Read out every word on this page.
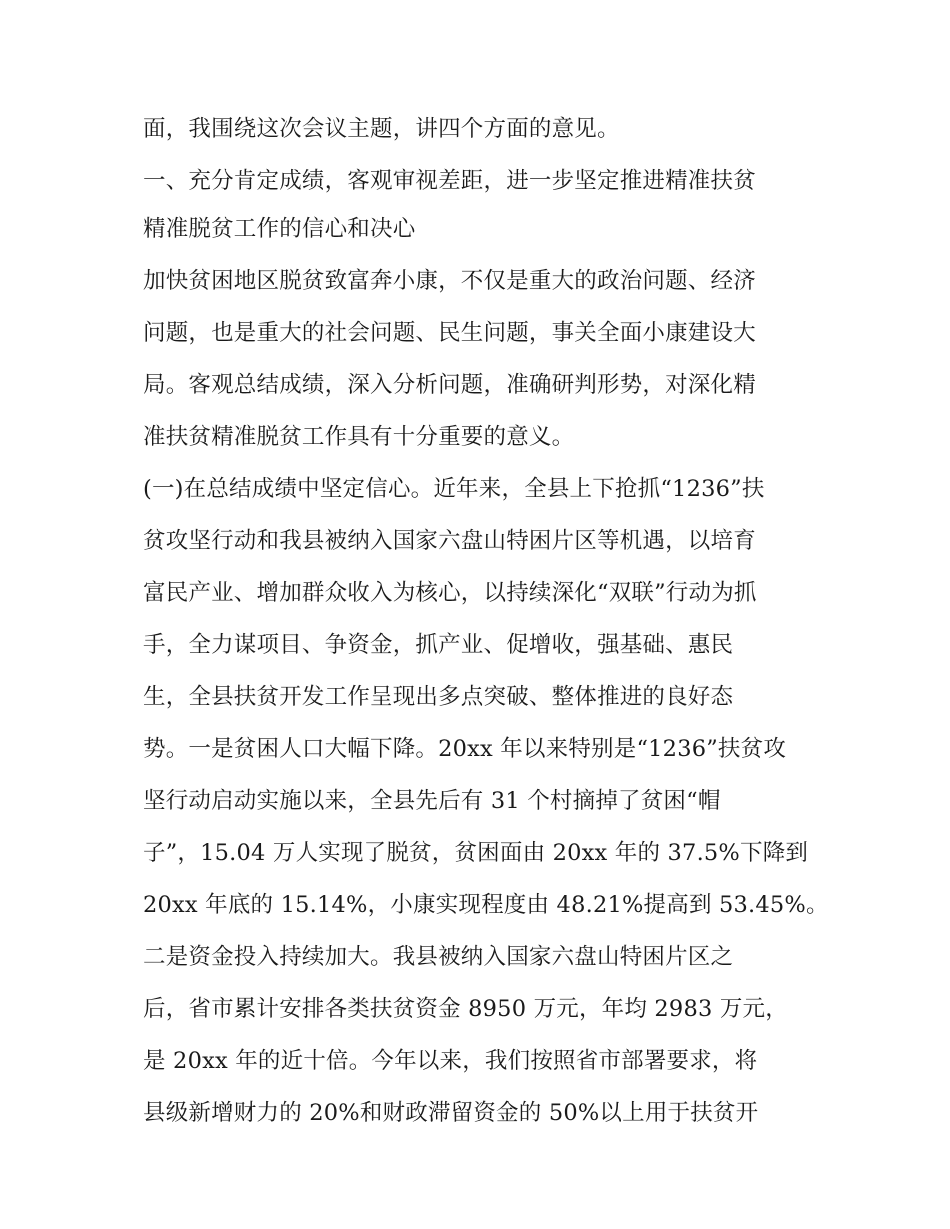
面，我围绕这次会议主题，讲四个方面的意见。
一、充分肯定成绩，客观审视差距，进一步坚定推进精准扶贫
精准脱贫工作的信心和决心
加快贫困地区脱贫致富奔小康，不仅是重大的政治问题、经济
问题，也是重大的社会问题、民生问题，事关全面小康建设大
局。客观总结成绩，深入分析问题，准确研判形势，对深化精
准扶贫精准脱贫工作具有十分重要的意义。
(一)在总结成绩中坚定信心。近年来，全县上下抢抓“1236”扶
贫攻坚行动和我县被纳入国家六盘山特困片区等机遇，以培育
富民产业、增加群众收入为核心，以持续深化“双联”行动为抓
手，全力谋项目、争资金，抓产业、促增收，强基础、惠民
生，全县扶贫开发工作呈现出多点突破、整体推进的良好态
势。一是贫困人口大幅下降。20xx 年以来特别是“1236”扶贫攻
坚行动启动实施以来，全县先后有 31 个村摘掉了贫困“帽
子”，15.04 万人实现了脱贫，贫困面由 20xx 年的 37.5%下降到
20xx 年底的 15.14%，小康实现程度由 48.21%提高到 53.45%。
二是资金投入持续加大。我县被纳入国家六盘山特困片区之
后，省市累计安排各类扶贫资金 8950 万元，年均 2983 万元，
是 20xx 年的近十倍。今年以来，我们按照省市部署要求，将
县级新增财力的 20%和财政滞留资金的 50%以上用于扶贫开
